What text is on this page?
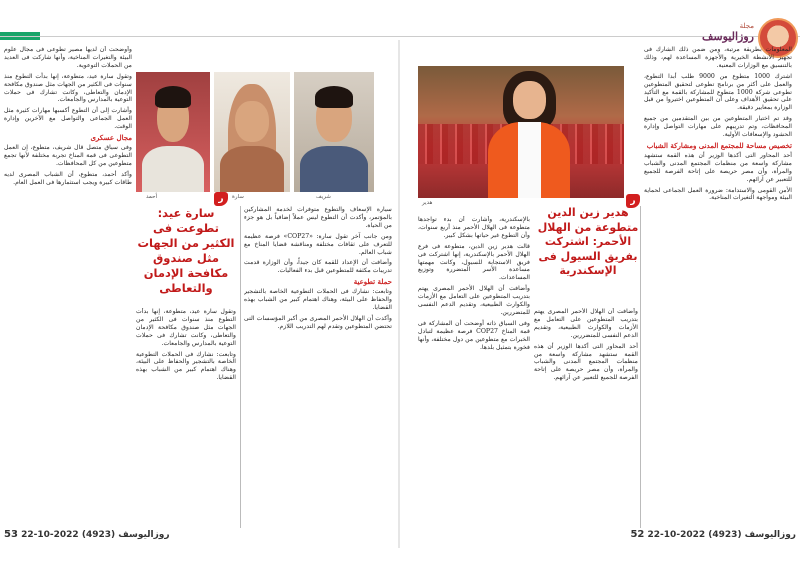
مجلة
روزاليوسف

وأوضحت أن لديها مصير تطوعى فى مجال علوم البيئة والتغيرات المناخية، وأنها شاركت فى العديد من الحملات التوعوية.

وتقول سارة عيد، متطوعة، إنها بدأت التطوع منذ سنوات فى الكثير من الجهات مثل صندوق مكافحة الإدمان والتعاطى، وكانت تشارك فى حملات التوعية بالمدارس والجامعات.

وأشارت إلى أن التطوع أكسبها مهارات كثيرة مثل العمل الجماعى والتواصل مع الآخرين وإدارة الوقت.

مجال عسكرى

وفى سياق متصل قال شريف، متطوع، إن العمل التطوعى فى قمة المناخ تجربة مختلفة لأنها تجمع متطوعين من كل المحافظات.

وأكد أحمد، متطوع، أن الشباب المصرى لديه طاقات كبيرة ويجب استثمارها فى العمل العام.

أحمد	سارة	شريف
ر
سارة عيد: تطوعت فى الكثير من الجهات مثل صندوق مكافحة الإدمان والتعاطى

سيارة الإسعاف والتطوع متوفرات لخدمة المشاركين بالمؤتمر، وأكدت أن التطوع ليس عملاً إضافياً بل هو جزء من الحياة.

ومن جانب آخر تقول سارة: «COP27» فرصة عظيمة للتعرف على ثقافات مختلفة ومناقشة قضايا المناخ مع شباب العالم.

وأضافت أن الإعداد للقمة كان جيداً، وأن الوزارة قدمت تدريبات مكثفة للمتطوعين قبل بدء الفعاليات.

حملة تطوعية

وتابعت: نشارك فى الحملات التطوعية الخاصة بالتشجير والحفاظ على البيئة، وهناك اهتمام كبير من الشباب بهذه القضايا.

وأكدت أن الهلال الأحمر المصرى من أكبر المؤسسات التى تحتضن المتطوعين وتقدم لهم التدريب اللازم.

وتقول سارة عيد، متطوعة، إنها بدأت التطوع منذ سنوات فى الكثير من الجهات مثل صندوق مكافحة الإدمان والتعاطى، وكانت تشارك فى حملات التوعية بالمدارس والجامعات.

وتابعت: نشارك فى الحملات التطوعية الخاصة بالتشجير والحفاظ على البيئة، وهناك اهتمام كبير من الشباب بهذه القضايا.

53 روزاليوسف (4923) 2022-10-22
هدير	ر
هدير زين الدين متطوعة من الهلال الأحمر: اشتركت بفريق السيول فى الإسكندرية

المعلومات بطريقة مرتبة، ومن ضمن ذلك الشارك فى تجهيز الأنشطة الخيرية والأجهزة المساعدة لهم، وذلك بالتنسيق مع الوزارات المعنية.

اشترك 1000 متطوع من 9000 طلب أبدا التطوع، والعمل على أكثر من برنامج تطوعى لتحقيق المتطوعين تطوعى شركة 1000 متطوع للمشاركة بالقمة مع التأكيد على تحقيق الأهداف وعلى أن المتطوعين اختيروا من قبل الوزارة بمعايير دقيقة.

وقد تم اختيار المتطوعين من بين المتقدمين من جميع المحافظات، وتم تدريبهم على مهارات التواصل وإدارة الحشود والإسعافات الأولية.

تخصيص مساحة للمجتمع المدنى ومشاركة الشباب

أحد المحاور التى أكدها الوزير أن هذه القمة ستشهد مشاركة واسعة من منظمات المجتمع المدنى والشباب والمرأة، وأن مصر حريصة على إتاحة الفرصة للجميع للتعبير عن آرائهم.

الأمن القومى والاستدامة: ضرورة العمل الجماعى لحماية البيئة ومواجهة التغيرات المناخية.

بالإسكندرية، وأشارت أن بدء تواجدها متطوعة فى الهلال الأحمر منذ أربع سنوات، وأن التطوع غير حياتها بشكل كبير.

قالت هدير زين الدين، متطوعة فى فرع الهلال الأحمر بالإسكندرية، إنها اشتركت فى فريق الاستجابة للسيول، وكانت مهمتها مساعدة الأسر المتضررة وتوزيع المساعدات.

وأضافت أن الهلال الأحمر المصرى يهتم بتدريب المتطوعين على التعامل مع الأزمات والكوارث الطبيعية، وتقديم الدعم النفسى للمتضررين.

وفى السياق ذاته أوضحت أن المشاركة فى قمة المناخ COP27 فرصة عظيمة لتبادل الخبرات مع متطوعين من دول مختلفة، وأنها فخورة بتمثيل بلدها.

وأضافت أن الهلال الأحمر المصرى يهتم بتدريب المتطوعين على التعامل مع الأزمات والكوارث الطبيعية، وتقديم الدعم النفسى للمتضررين.

أحد المحاور التى أكدها الوزير أن هذه القمة ستشهد مشاركة واسعة من منظمات المجتمع المدنى والشباب والمرأة، وأن مصر حريصة على إتاحة الفرصة للجميع للتعبير عن آرائهم.

روزاليوسف (4923) 2022-10-22 52
